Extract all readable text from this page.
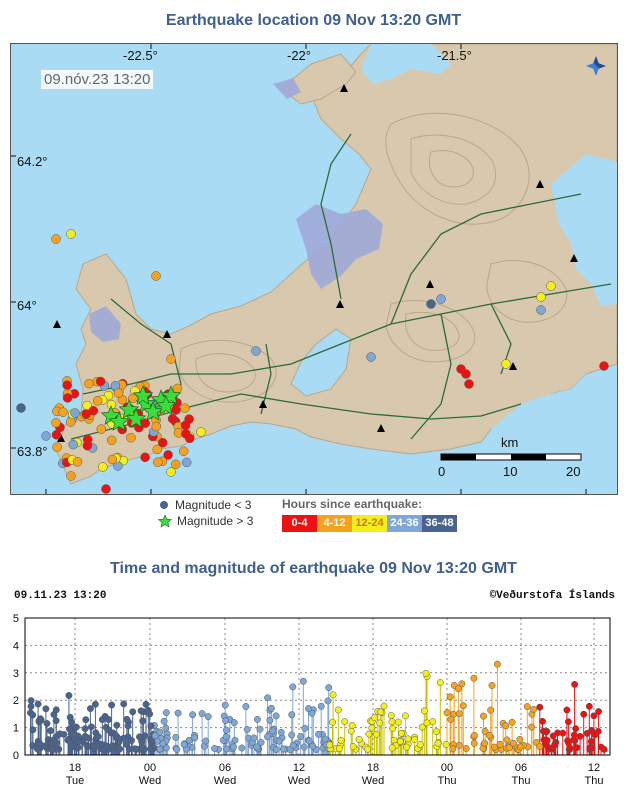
Earthquake location 09 Nov 13:20 GMT
-22.5°	-22°	-21.5°
64.2°
64°
63.8°
km
0	10	20
09.nóv.23 13:20
Magnitude < 3
Magnitude > 3
Hours since earthquake:
0-4	4-12 12-24 24-36 36-48
Time and magnitude of earthquake 09 Nov 13:20 GMT
09.11.23 13:20	©Veðurstofa Íslands
0
1
2
3
4
5
18
Tue
00
Wed
06
Wed
12
Wed
18
Wed
00
Thu
06
Thu
12
Thu
